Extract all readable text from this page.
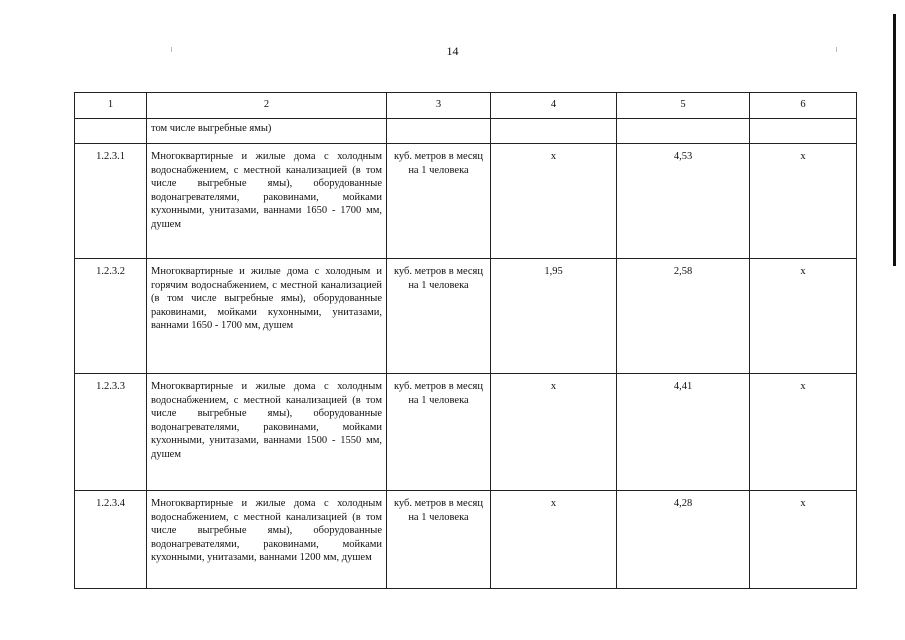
14
1	2	3	4	5	6
	том числе выгребные ямы)				
1.2.3.1	Многоквартирные и жилые дома с холодным водоснабжением, с местной канализацией (в том числе выгребные ямы), оборудованные водонагревателями, раковинами, мойками кухонными, унитазами, ваннами 1650 - 1700 мм, душем	куб. метров в месяц на 1 человека	x	4,53	x
1.2.3.2	Многоквартирные и жилые дома с холодным и горячим водоснабжением, с местной канализацией (в том числе выгребные ямы), оборудованные раковинами, мойками кухонными, унитазами, ваннами 1650 - 1700 мм, душем	куб. метров в месяц на 1 человека	1,95	2,58	x
1.2.3.3	Многоквартирные и жилые дома с холодным водоснабжением, с местной канализацией (в том числе выгребные ямы), оборудованные водонагревателями, раковинами, мойками кухонными, унитазами, ваннами 1500 - 1550 мм, душем	куб. метров в месяц на 1 человека	x	4,41	x
1.2.3.4	Многоквартирные и жилые дома с холодным водоснабжением, с местной канализацией (в том числе выгребные ямы), оборудованные водонагревателями, раковинами, мойками кухонными, унитазами, ваннами 1200 мм, душем	куб. метров в месяц на 1 человека	x	4,28	x
